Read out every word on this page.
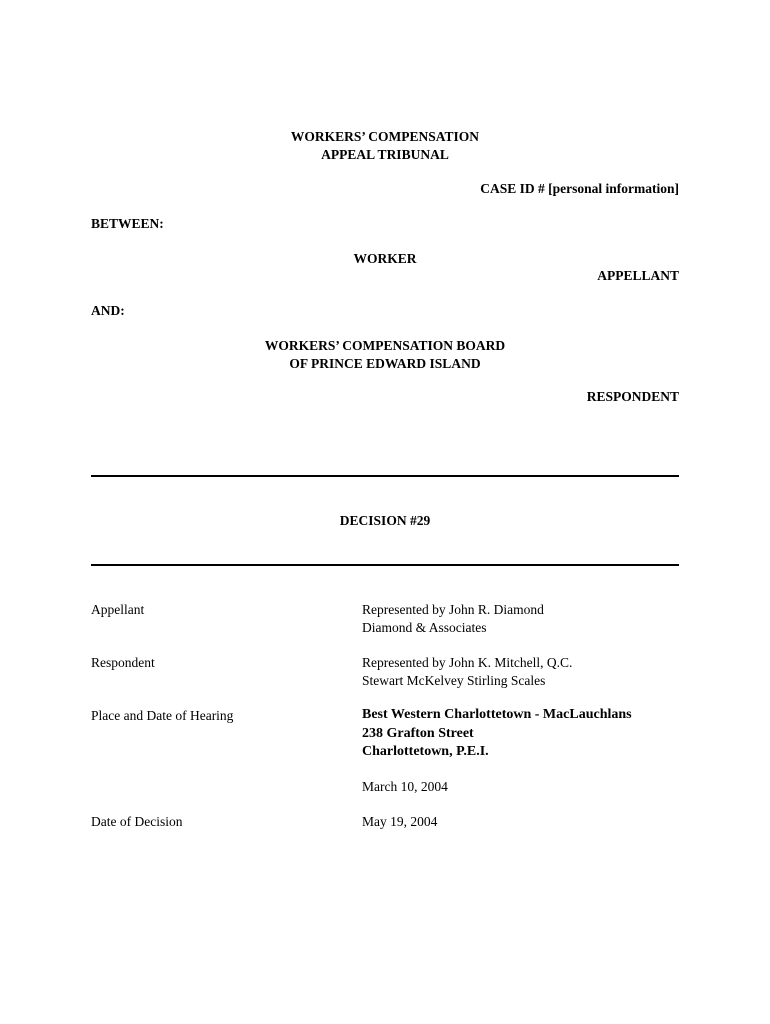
WORKERS’ COMPENSATION
APPEAL TRIBUNAL
CASE ID # [personal information]
BETWEEN:
WORKER
APPELLANT
AND:
WORKERS’ COMPENSATION BOARD
OF PRINCE EDWARD ISLAND
RESPONDENT
DECISION #29
Appellant	Represented by John R. Diamond
Diamond & Associates
Respondent	Represented by John K. Mitchell, Q.C.
Stewart McKelvey Stirling Scales
Place and Date of Hearing	Best Western Charlottetown - MacLauchlans
238 Grafton Street
Charlottetown, P.E.I.
March 10, 2004
Date of Decision	May 19, 2004
